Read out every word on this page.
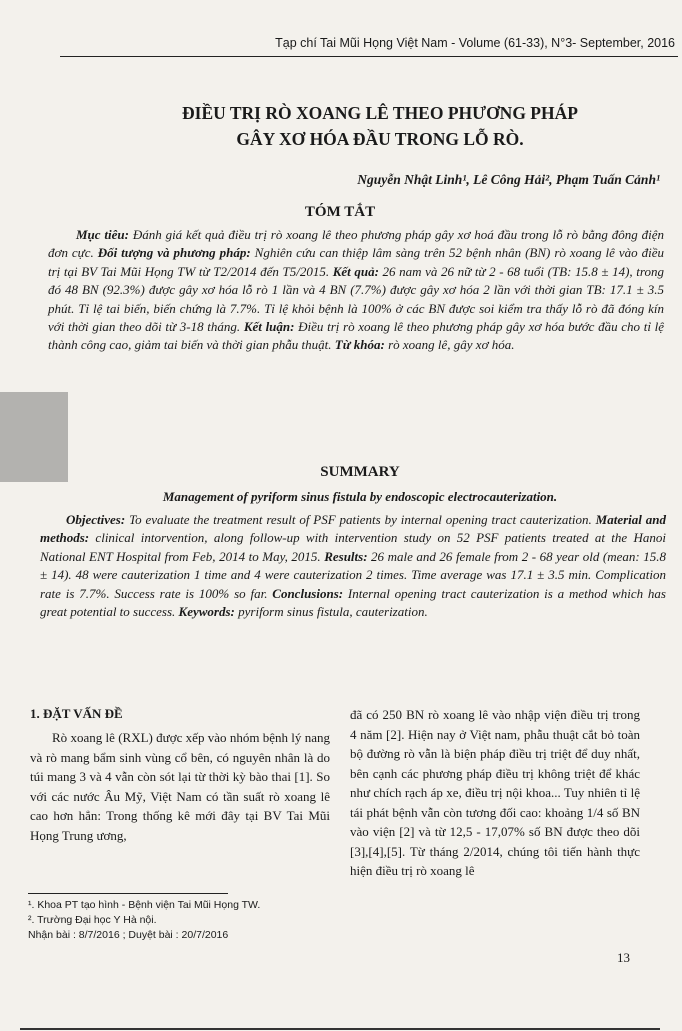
Tạp chí Tai Mũi Họng Việt Nam - Volume (61-33), N°3- September, 2016
ĐIỀU TRỊ RÒ XOANG LÊ THEO PHƯƠNG PHÁP
GÂY XƠ HÓA ĐẦU TRONG LỖ RÒ.
Nguyễn Nhật Linh¹, Lê Công Hải², Phạm Tuấn Cảnh¹
TÓM TẮT
Mục tiêu: Đánh giá kết quả điều trị rò xoang lê theo phương pháp gây xơ hoá đầu trong lỗ rò bằng đông điện đơn cực. Đối tượng và phương pháp: Nghiên cứu can thiệp lâm sàng trên 52 bệnh nhân (BN) rò xoang lê vào điều trị tại BV Tai Mũi Họng TW từ T2/2014 đến T5/2015. Kết quả: 26 nam và 26 nữ từ 2 - 68 tuổi (TB: 15.8 ± 14), trong đó 48 BN (92.3%) được gây xơ hóa lỗ rò 1 lần và 4 BN (7.7%) được gây xơ hóa 2 lần với thời gian TB: 17.1 ± 3.5 phút. Tỉ lệ tai biến, biến chứng là 7.7%. Tỉ lệ khỏi bệnh là 100% ở các BN được soi kiểm tra thấy lỗ rò đã đóng kín với thời gian theo dõi từ 3-18 tháng. Kết luận: Điều trị rò xoang lê theo phương pháp gây xơ hóa bước đầu cho tỉ lệ thành công cao, giảm tai biến và thời gian phẫu thuật. Từ khóa: rò xoang lê, gây xơ hóa.
SUMMARY
Management of pyriform sinus fistula by endoscopic electrocauterization.
Objectives: To evaluate the treatment result of PSF patients by internal opening tract cauterization. Material and methods: clinical intorvention, along follow-up with intervention study on 52 PSF patients treated at the Hanoi National ENT Hospital from Feb, 2014 to May, 2015. Results: 26 male and 26 female from 2 - 68 year old (mean: 15.8 ± 14). 48 were cauterization 1 time and 4 were cauterization 2 times. Time average was 17.1 ± 3.5 min. Complication rate is 7.7%. Success rate is 100% so far. Conclusions: Internal opening tract cauterization is a method which has great potential to success. Keywords: pyriform sinus fistula, cauterization.
1. ĐẶT VẤN ĐỀ
Rò xoang lê (RXL) được xếp vào nhóm bệnh lý nang và rò mang bẩm sinh vùng cổ bên, có nguyên nhân là do túi mang 3 và 4 vẫn còn sót lại từ thời kỳ bào thai [1]. So với các nước Âu Mỹ, Việt Nam có tần suất rò xoang lê cao hơn hẳn: Trong thống kê mới đây tại BV Tai Mũi Họng Trung ương,
đã có 250 BN rò xoang lê vào nhập viện điều trị trong 4 năm [2]. Hiện nay ở Việt nam, phẫu thuật cắt bỏ toàn bộ đường rò vẫn là biện pháp điều trị triệt để duy nhất, bên cạnh các phương pháp điều trị không triệt để khác như chích rạch áp xe, điều trị nội khoa... Tuy nhiên tỉ lệ tái phát bệnh vẫn còn tương đối cao: khoảng 1/4 số BN vào viện [2] và từ 12,5 - 17,07% số BN được theo dõi [3],[4],[5]. Từ tháng 2/2014, chúng tôi tiến hành thực hiện điều trị rò xoang lê
¹. Khoa PT tạo hình - Bệnh viện Tai Mũi Họng TW.
². Trường Đại học Y Hà nội.
Nhận bài : 8/7/2016 ; Duyệt bài : 20/7/2016
13
